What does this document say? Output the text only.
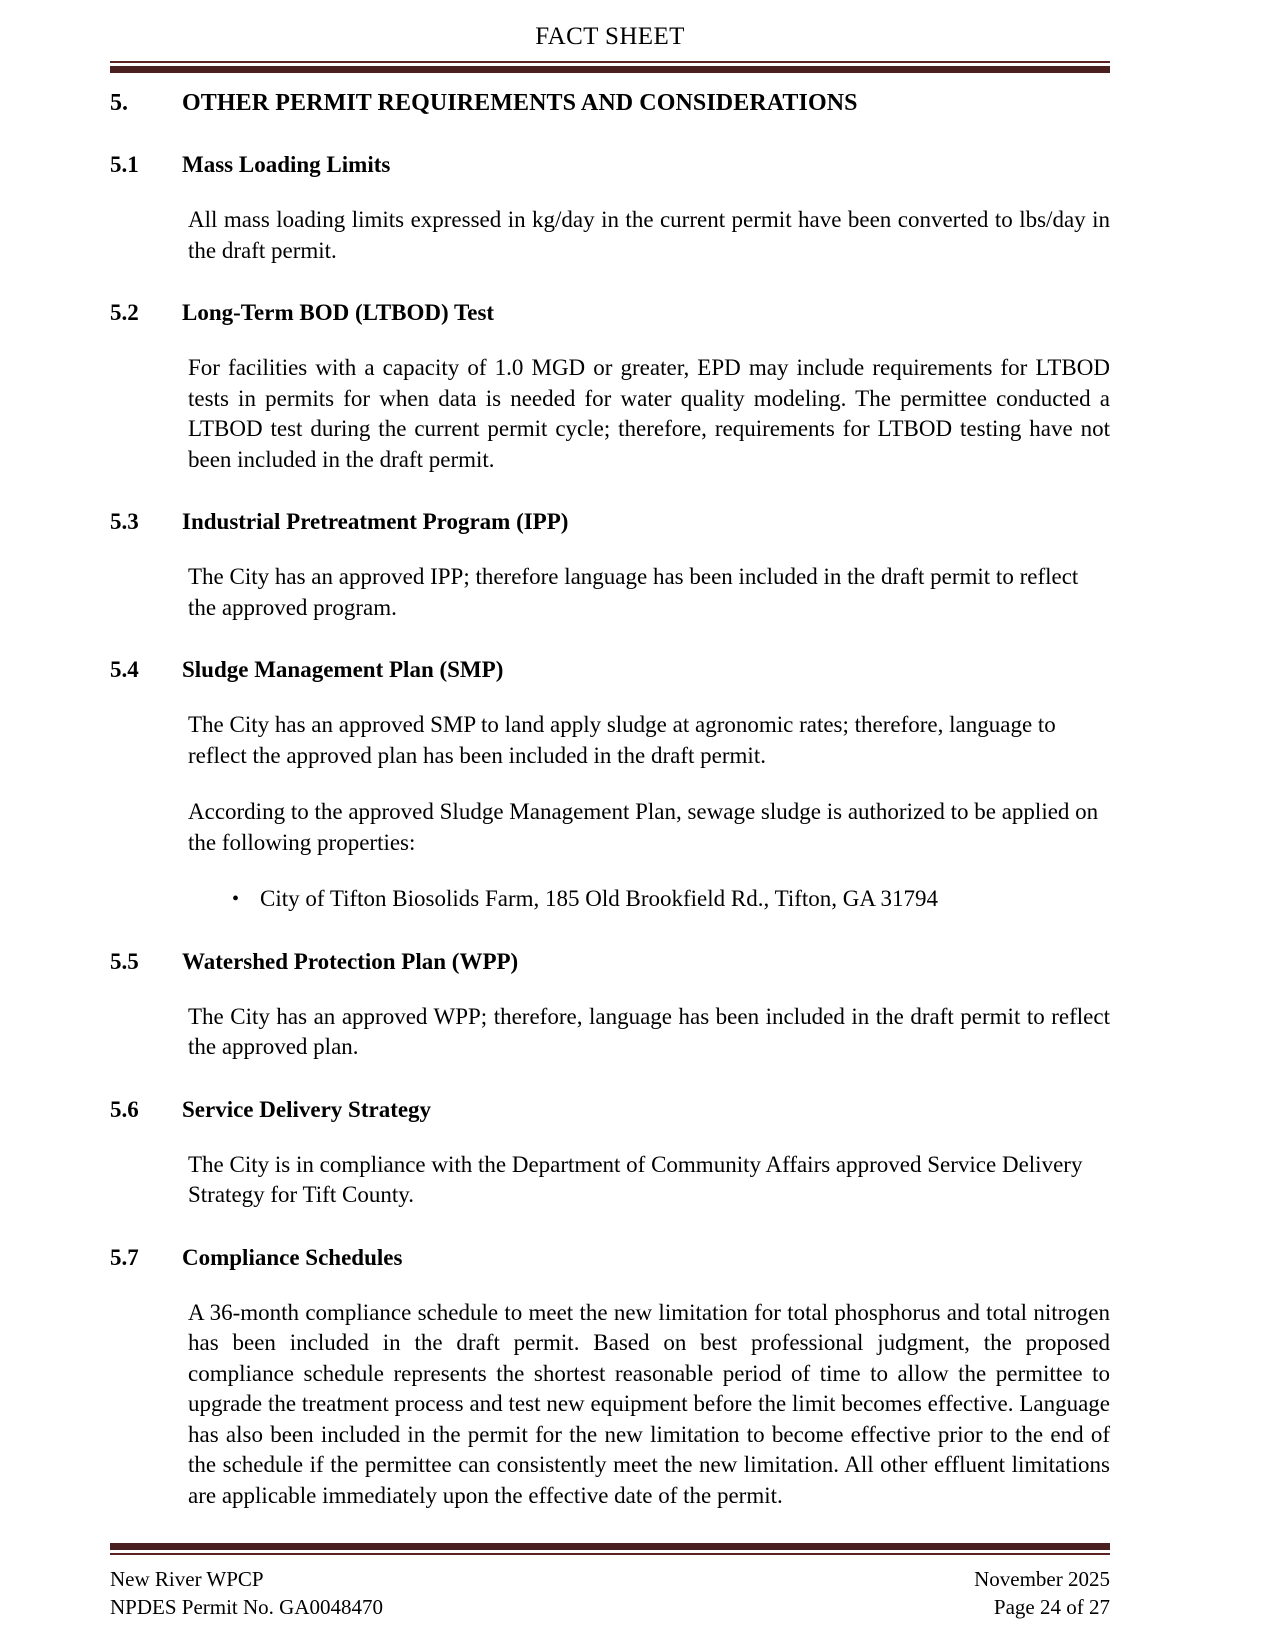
FACT SHEET
5.	OTHER PERMIT REQUIREMENTS AND CONSIDERATIONS
5.1	Mass Loading Limits
All mass loading limits expressed in kg/day in the current permit have been converted to lbs/day in the draft permit.
5.2	Long-Term BOD (LTBOD) Test
For facilities with a capacity of 1.0 MGD or greater, EPD may include requirements for LTBOD tests in permits for when data is needed for water quality modeling. The permittee conducted a LTBOD test during the current permit cycle; therefore, requirements for LTBOD testing have not been included in the draft permit.
5.3	Industrial Pretreatment Program (IPP)
The City has an approved IPP; therefore language has been included in the draft permit to reflect the approved program.
5.4	Sludge Management Plan (SMP)
The City has an approved SMP to land apply sludge at agronomic rates; therefore, language to reflect the approved plan has been included in the draft permit.
According to the approved Sludge Management Plan, sewage sludge is authorized to be applied on the following properties:
• City of Tifton Biosolids Farm, 185 Old Brookfield Rd., Tifton, GA 31794
5.5	Watershed Protection Plan (WPP)
The City has an approved WPP; therefore, language has been included in the draft permit to reflect the approved plan.
5.6	Service Delivery Strategy
The City is in compliance with the Department of Community Affairs approved Service Delivery Strategy for Tift County.
5.7	Compliance Schedules
A 36-month compliance schedule to meet the new limitation for total phosphorus and total nitrogen has been included in the draft permit. Based on best professional judgment, the proposed compliance schedule represents the shortest reasonable period of time to allow the permittee to upgrade the treatment process and test new equipment before the limit becomes effective. Language has also been included in the permit for the new limitation to become effective prior to the end of the schedule if the permittee can consistently meet the new limitation. All other effluent limitations are applicable immediately upon the effective date of the permit.
New River WPCP
NPDES Permit No. GA0048470
November 2025
Page 24 of 27
